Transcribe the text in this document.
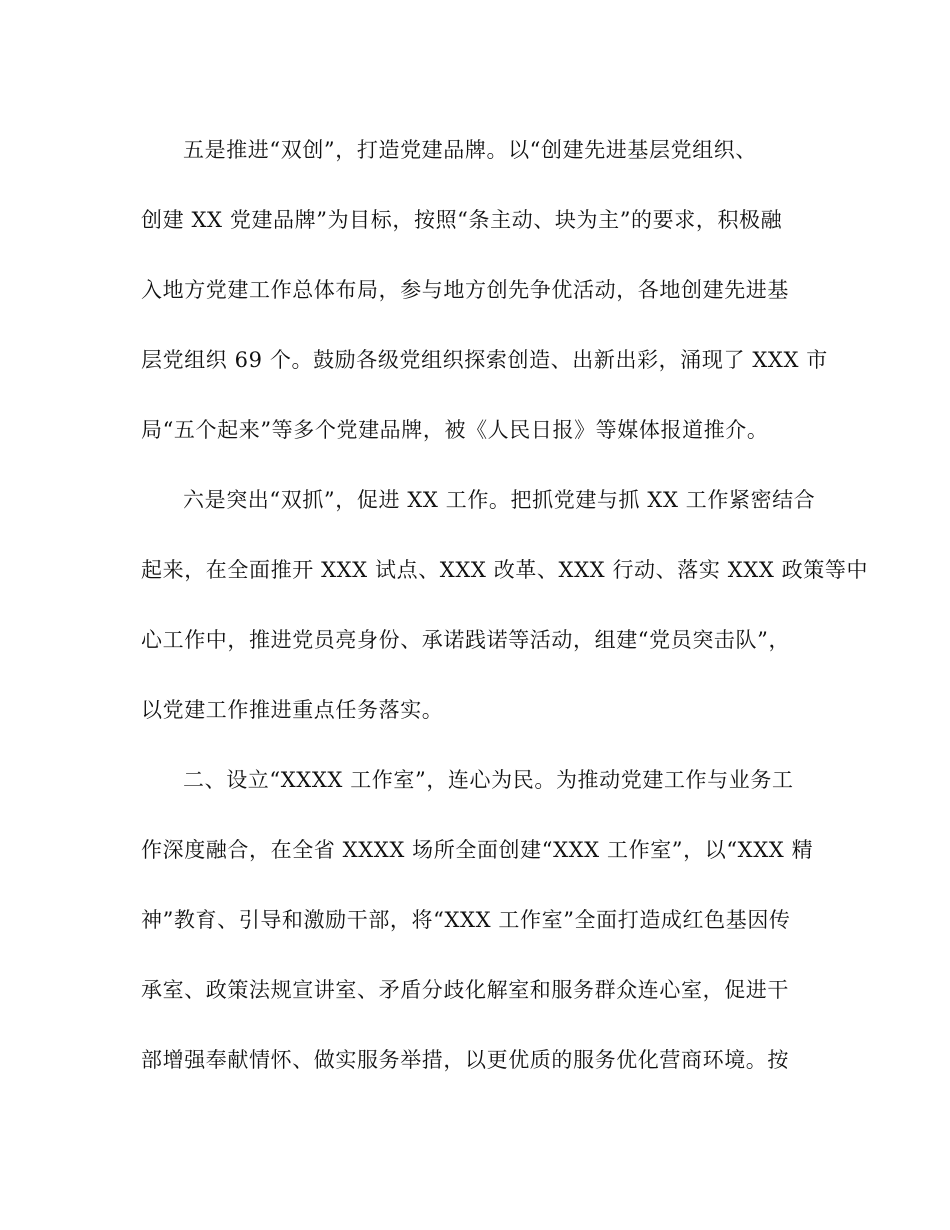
五是推进“双创”，打造党建品牌。以“创建先进基层党组织、
创建 XX 党建品牌”为目标，按照“条主动、块为主”的要求，积极融
入地方党建工作总体布局，参与地方创先争优活动，各地创建先进基
层党组织 69 个。鼓励各级党组织探索创造、出新出彩，涌现了 XXX 市
局“五个起来”等多个党建品牌，被《人民日报》等媒体报道推介。
六是突出“双抓”，促进 XX 工作。把抓党建与抓 XX 工作紧密结合
起来，在全面推开 XXX 试点、XXX 改革、XXX 行动、落实 XXX 政策等中
心工作中，推进党员亮身份、承诺践诺等活动，组建“党员突击队”，
以党建工作推进重点任务落实。
二、设立“XXXX 工作室”，连心为民。为推动党建工作与业务工
作深度融合，在全省 XXXX 场所全面创建“XXX 工作室”，以“XXX 精
神”教育、引导和激励干部，将“XXX 工作室”全面打造成红色基因传
承室、政策法规宣讲室、矛盾分歧化解室和服务群众连心室，促进干
部增强奉献情怀、做实服务举措，以更优质的服务优化营商环境。按
